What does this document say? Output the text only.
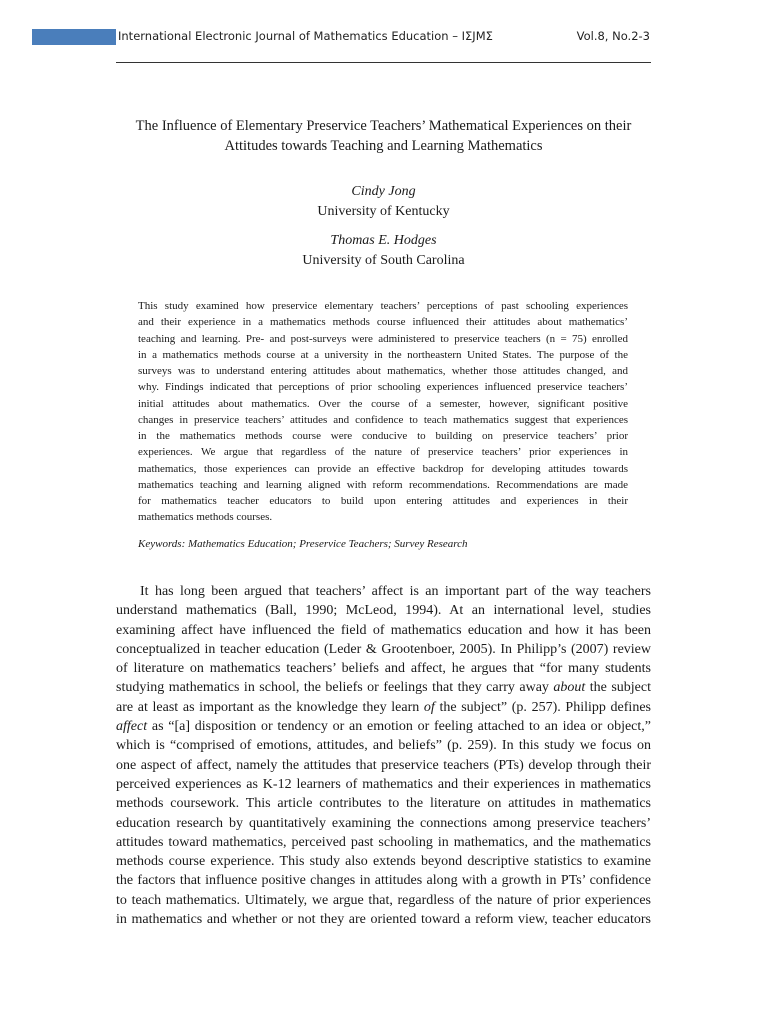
International Electronic Journal of Mathematics Education – IΣJMΣ	Vol.8, No.2-3
The Influence of Elementary Preservice Teachers’ Mathematical Experiences on their
Attitudes towards Teaching and Learning Mathematics
Cindy Jong
University of Kentucky
Thomas E. Hodges
University of South Carolina
This study examined how preservice elementary teachers’ perceptions of past schooling experiences
and their experience in a mathematics methods course influenced their attitudes about mathematics’
teaching and learning. Pre- and post-surveys were administered to preservice teachers (n = 75) enrolled
in a mathematics methods course at a university in the northeastern United States. The purpose of the
surveys was to understand entering attitudes about mathematics, whether those attitudes changed, and
why. Findings indicated that perceptions of prior schooling experiences influenced preservice teachers’
initial attitudes about mathematics. Over the course of a semester, however, significant positive
changes in preservice teachers’ attitudes and confidence to teach mathematics suggest that experiences
in the mathematics methods course were conducive to building on preservice teachers’ prior
experiences. We argue that regardless of the nature of preservice teachers’ prior experiences in
mathematics, those experiences can provide an effective backdrop for developing attitudes towards
mathematics teaching and learning aligned with reform recommendations. Recommendations are made
for mathematics teacher educators to build upon entering attitudes and experiences in their
mathematics methods courses.
Keywords: Mathematics Education; Preservice Teachers; Survey Research
It has long been argued that teachers’ affect is an important part of the way teachers
understand mathematics (Ball, 1990; McLeod, 1994). At an international level, studies
examining affect have influenced the field of mathematics education and how it has been
conceptualized in teacher education (Leder & Grootenboer, 2005). In Philipp’s (2007) review
of literature on mathematics teachers’ beliefs and affect, he argues that “for many students
studying mathematics in school, the beliefs or feelings that they carry away about the subject
are at least as important as the knowledge they learn of the subject” (p. 257). Philipp defines
affect as “[a] disposition or tendency or an emotion or feeling attached to an idea or object,”
which is “comprised of emotions, attitudes, and beliefs” (p. 259). In this study we focus on
one aspect of affect, namely the attitudes that preservice teachers (PTs) develop through their
perceived experiences as K-12 learners of mathematics and their experiences in mathematics
methods coursework. This article contributes to the literature on attitudes in mathematics
education research by quantitatively examining the connections among preservice teachers’
attitudes toward mathematics, perceived past schooling in mathematics, and the mathematics
methods course experience. This study also extends beyond descriptive statistics to examine
the factors that influence positive changes in attitudes along with a growth in PTs’ confidence
to teach mathematics. Ultimately, we argue that, regardless of the nature of prior experiences
in mathematics and whether or not they are oriented toward a reform view, teacher educators
